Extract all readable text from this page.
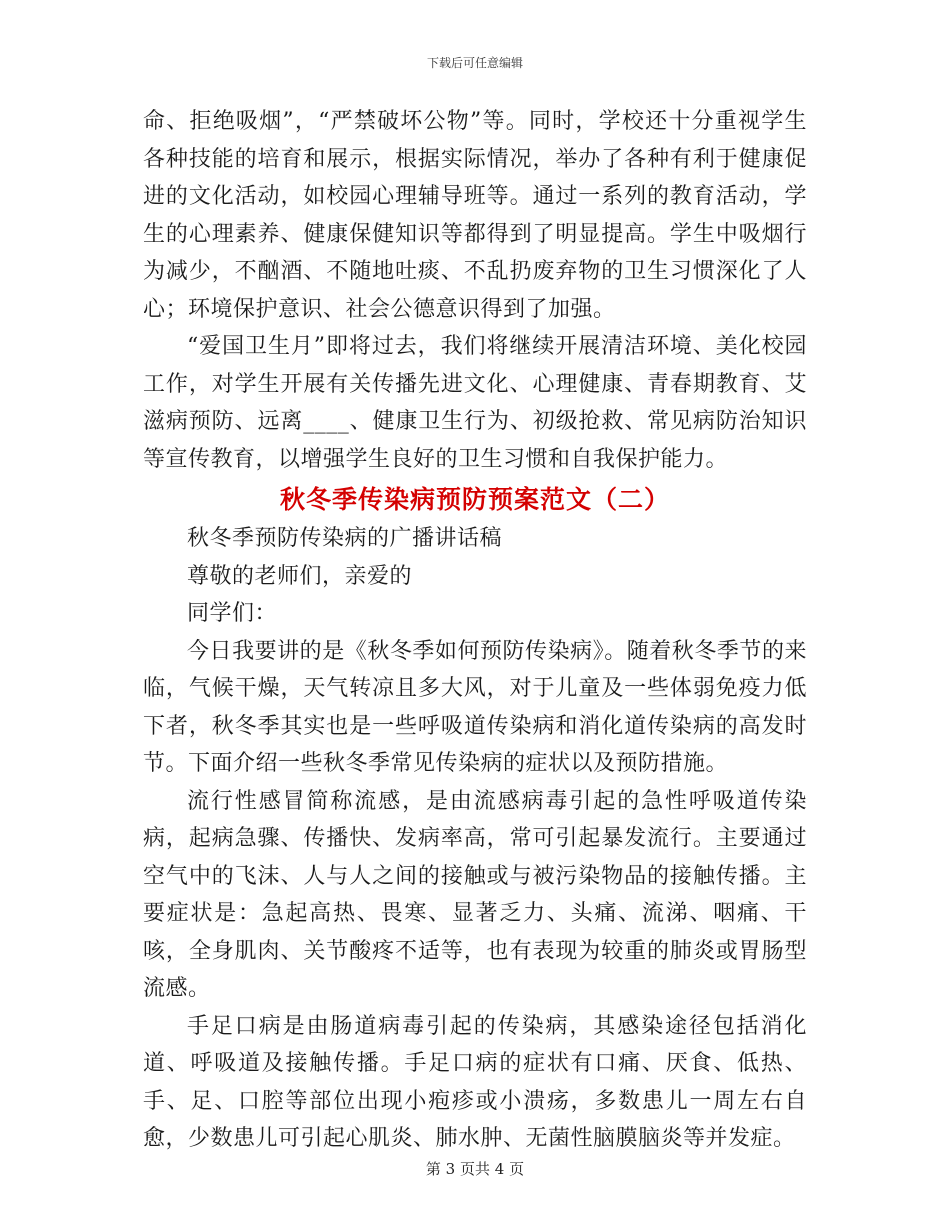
下载后可任意编辑

命、拒绝吸烟”，“严禁破坏公物”等。同时，学校还十分重视学生各种技能的培育和展示，根据实际情况，举办了各种有利于健康促进的文化活动，如校园心理辅导班等。通过一系列的教育活动，学生的心理素养、健康保健知识等都得到了明显提高。学生中吸烟行为减少，不酗酒、不随地吐痰、不乱扔废弃物的卫生习惯深化了人心；环境保护意识、社会公德意识得到了加强。

“爱国卫生月”即将过去，我们将继续开展清洁环境、美化校园工作，对学生开展有关传播先进文化、心理健康、青春期教育、艾滋病预防、远离____、健康卫生行为、初级抢救、常见病防治知识等宣传教育，以增强学生良好的卫生习惯和自我保护能力。

秋冬季传染病预防预案范文（二）

秋冬季预防传染病的广播讲话稿

尊敬的老师们，亲爱的

同学们：

今日我要讲的是《秋冬季如何预防传染病》。随着秋冬季节的来临，气候干燥，天气转凉且多大风，对于儿童及一些体弱免疫力低下者，秋冬季其实也是一些呼吸道传染病和消化道传染病的高发时节。下面介绍一些秋冬季常见传染病的症状以及预防措施。

流行性感冒简称流感，是由流感病毒引起的急性呼吸道传染病，起病急骤、传播快、发病率高，常可引起暴发流行。主要通过空气中的飞沫、人与人之间的接触或与被污染物品的接触传播。主要症状是：急起高热、畏寒、显著乏力、头痛、流涕、咽痛、干咳，全身肌肉、关节酸疼不适等，也有表现为较重的肺炎或胃肠型流感。

手足口病是由肠道病毒引起的传染病，其感染途径包括消化道、呼吸道及接触传播。手足口病的症状有口痛、厌食、低热、手、足、口腔等部位出现小疱疹或小溃疡，多数患儿一周左右自愈，少数患儿可引起心肌炎、肺水肿、无菌性脑膜脑炎等并发症。

第 3 页共 4 页
